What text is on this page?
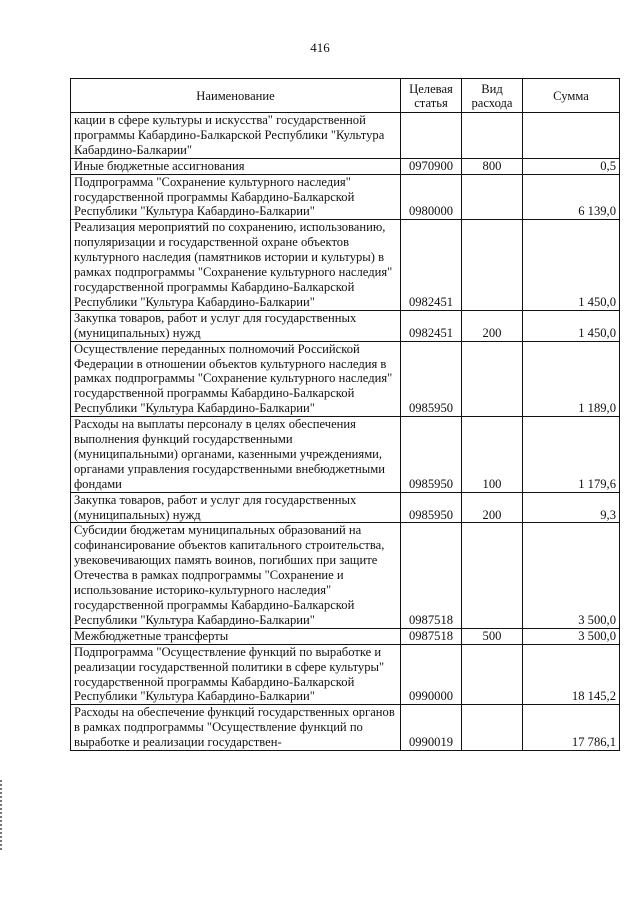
416
Наименование	Целевая статья	Вид расхода	Сумма
кации в сфере культуры и искусства" государственной программы Кабардино-Балкарской Республики "Культура Кабардино-Балкарии"			
Иные бюджетные ассигнования	0970900	800	0,5
Подпрограмма "Сохранение культурного наследия" государственной программы Кабардино-Балкарской Республики "Культура Кабардино-Балкарии"	0980000		6 139,0
Реализация мероприятий по сохранению, использованию, популяризации и государственной охране объектов культурного наследия (памятников истории и культуры) в рамках подпрограммы "Сохранение культурного наследия" государственной программы Кабардино-Балкарской Республики "Культура Кабардино-Балкарии"	0982451		1 450,0
Закупка товаров, работ и услуг для государственных (муниципальных) нужд	0982451	200	1 450,0
Осуществление переданных полномочий Российской Федерации в отношении объектов культурного наследия в рамках подпрограммы "Сохранение культурного наследия" государственной программы Кабардино-Балкарской Республики "Культура Кабардино-Балкарии"	0985950		1 189,0
Расходы на выплаты персоналу в целях обеспечения выполнения функций государственными (муниципальными) органами, казенными учреждениями, органами управления государственными внебюджетными фондами	0985950	100	1 179,6
Закупка товаров, работ и услуг для государственных (муниципальных) нужд	0985950	200	9,3
Субсидии бюджетам муниципальных образований на софинансирование объектов капитального строительства, увековечивающих память воинов, погибших при защите Отечества в рамках подпрограммы "Сохранение и использование историко-культурного наследия" государственной программы Кабардино-Балкарской Республики "Культура Кабардино-Балкарии"	0987518		3 500,0
Межбюджетные трансферты	0987518	500	3 500,0
Подпрограмма "Осуществление функций по выработке и реализации государственной политики в сфере культуры" государственной программы Кабардино-Балкарской Республики "Культура Кабардино-Балкарии"	0990000		18 145,2
Расходы на обеспечение функций государственных органов в рамках подпрограммы "Осуществление функций по выработке и реализации государствен-	0990019		17 786,1
